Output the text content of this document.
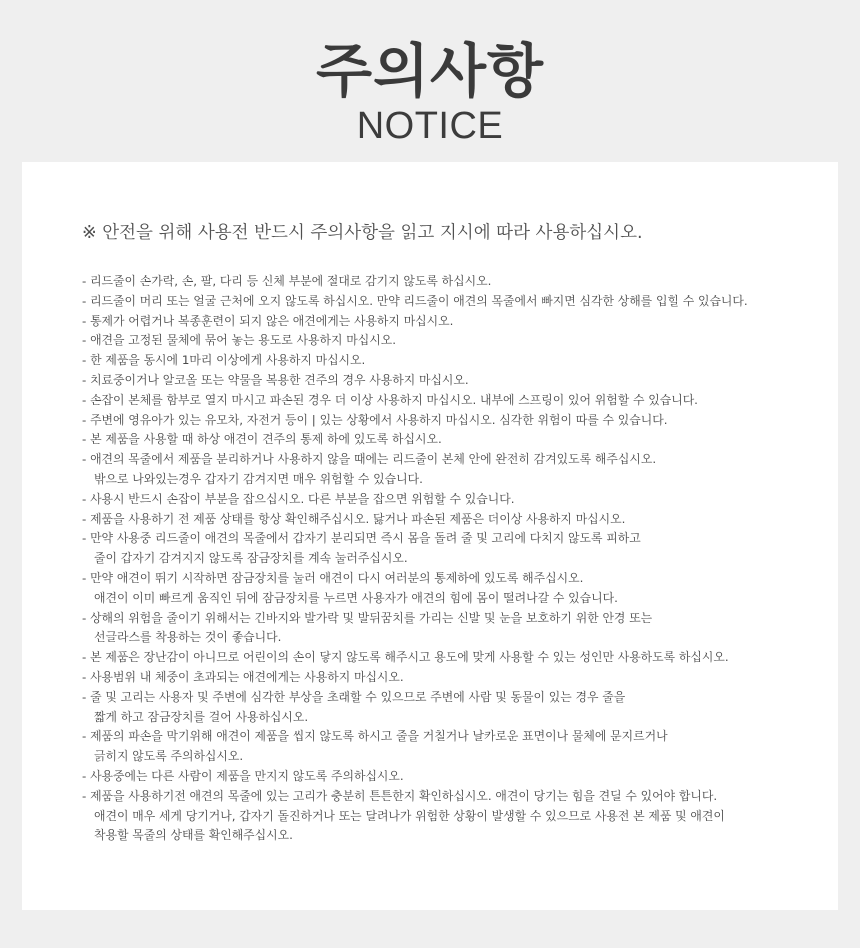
주의사항
NOTICE
※ 안전을 위해 사용전 반드시 주의사항을 읽고 지시에 따라 사용하십시오.
- 리드줄이 손가락, 손, 팔, 다리 등 신체 부분에 절대로 감기지 않도록 하십시오.
- 리드줄이 머리 또는 얼굴 근처에 오지 않도록 하십시오. 만약 리드줄이 애견의 목줄에서 빠지면 심각한 상해를 입힐 수 있습니다.
- 통제가 어렵거나 복종훈련이 되지 않은 애견에게는 사용하지 마십시오.
- 애견을 고정된 물체에 묶어 놓는 용도로 사용하지 마십시오.
- 한 제품을 동시에 1마리 이상에게 사용하지 마십시오.
- 치료중이거나 알코올 또는 약물을 복용한 견주의 경우 사용하지 마십시오.
- 손잡이 본체를 함부로 열지 마시고 파손된 경우 더 이상 사용하지 마십시오. 내부에 스프링이 있어 위험할 수 있습니다.
- 주변에 영유아가 있는 유모차, 자전거 등이 | 있는 상황에서 사용하지 마십시오. 심각한 위험이 따를 수 있습니다.
- 본 제품을 사용할 때 하상 애견이 견주의 통제 하에 있도록 하십시오.
- 애견의 목줄에서 제품을 분리하거나 사용하지 않을 때에는 리드줄이 본체 안에 완전히 감겨있도록 해주십시오.
밖으로 나와있는경우 갑자기 감겨지면 매우 위험할 수 있습니다.
- 사용시 반드시 손잡이 부분을 잡으십시오. 다른 부분을 잡으면 위험할 수 있습니다.
- 제품을 사용하기 전 제품 상태를 항상 확인해주십시오. 닳거나 파손된 제품은 더이상 사용하지 마십시오.
- 만약 사용중 리드줄이 애견의 목줄에서 갑자기 분리되면 즉시 몸을 돌려 줄 및 고리에 다치지 않도록 피하고
줄이 갑자기 감겨지지 않도록 잠금장치를 계속 눌러주십시오.
- 만약 애견이 뛰기 시작하면 잠금장치를 눌러 애견이 다시 여러분의 통제하에 있도록 해주십시오.
애견이 이미 빠르게 움직인 뒤에 잠금장치를 누르면 사용자가 애견의 힘에 몸이 떨려나갈 수 있습니다.
- 상해의 위험을 줄이기 위해서는 긴바지와 발가락 및 발뒤꿈치를 가리는 신발 및 눈을 보호하기 위한 안경 또는
선글라스를 착용하는 것이 좋습니다.
- 본 제품은 장난감이 아니므로 어린이의 손이 닿지 않도록 해주시고 용도에 맞게 사용할 수 있는 성인만 사용하도록 하십시오.
- 사용범위 내 체중이 초과되는 애견에게는 사용하지 마십시오.
- 줄 및 고리는 사용자 및 주변에 심각한 부상을 초래할 수 있으므로 주변에 사람 및 동물이 있는 경우 줄을
짧게 하고 잠금장치를 걸어 사용하십시오.
- 제품의 파손을 막기위해 애견이 제품을 씹지 않도록 하시고 줄을 거칠거나 날카로운 표면이나 물체에 문지르거나
긁히지 않도록 주의하십시오.
- 사용중에는 다른 사람이 제품을 만지지 않도록 주의하십시오.
- 제품을 사용하기전 애견의 목줄에 있는 고리가 충분히 튼튼한지 확인하십시오. 애견이 당기는 힘을 견딜 수 있어야 합니다.
애견이 매우 세게 당기거나, 갑자기 돌진하거나 또는 달려나가 위험한 상황이 발생할 수 있으므로 사용전 본 제품 및 애견이
착용할 목줄의 상태를 확인해주십시오.
